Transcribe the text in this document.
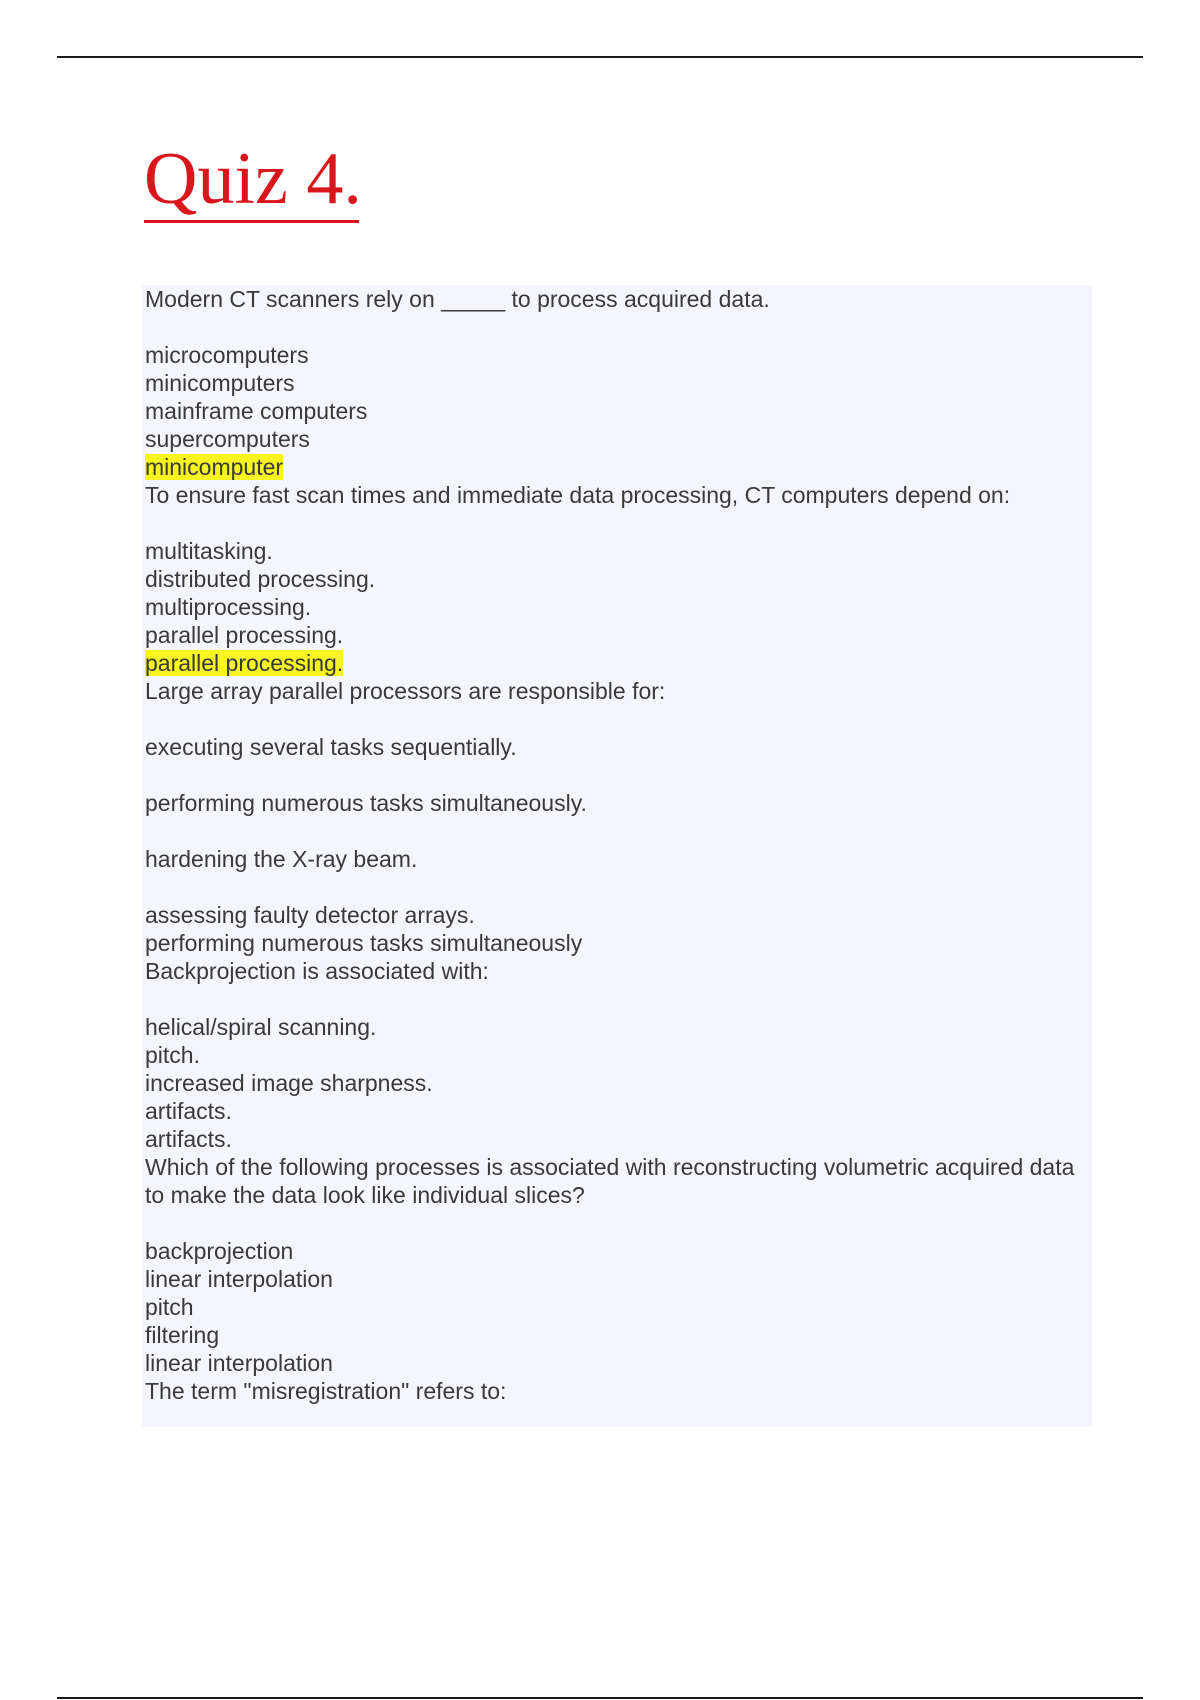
Quiz 4.
Modern CT scanners rely on _____ to process acquired data.
microcomputers
minicomputers
mainframe computers
supercomputers
minicomputer
To ensure fast scan times and immediate data processing, CT computers depend on:
multitasking.
distributed processing.
multiprocessing.
parallel processing.
parallel processing.
Large array parallel processors are responsible for:
executing several tasks sequentially.
performing numerous tasks simultaneously.
hardening the X-ray beam.
assessing faulty detector arrays.
performing numerous tasks simultaneously
Backprojection is associated with:
helical/spiral scanning.
pitch.
increased image sharpness.
artifacts.
artifacts.
Which of the following processes is associated with reconstructing volumetric acquired data to make the data look like individual slices?
backprojection
linear interpolation
pitch
filtering
linear interpolation
The term "misregistration" refers to:
